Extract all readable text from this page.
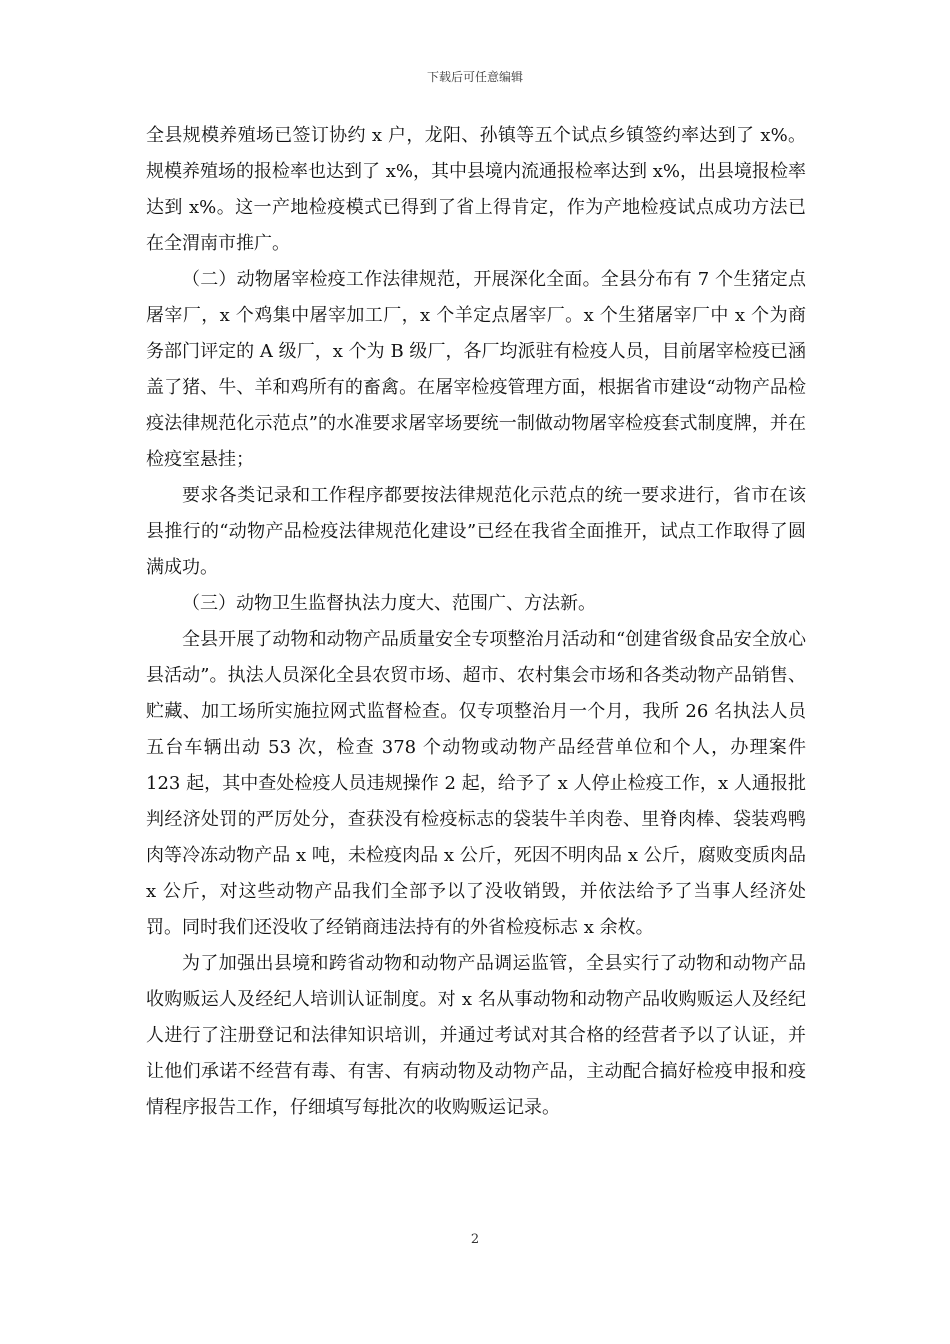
下载后可任意编辑

全县规模养殖场已签订协约 x 户，龙阳、孙镇等五个试点乡镇签约率达到了 x%。规模养殖场的报检率也达到了 x%，其中县境内流通报检率达到 x%，出县境报检率达到 x%。这一产地检疫模式已得到了省上得肯定，作为产地检疫试点成功方法已在全渭南市推广。

（二）动物屠宰检疫工作法律规范，开展深化全面。全县分布有 7 个生猪定点屠宰厂，x 个鸡集中屠宰加工厂，x 个羊定点屠宰厂。x 个生猪屠宰厂中 x 个为商务部门评定的 A 级厂，x 个为 B 级厂，各厂均派驻有检疫人员，目前屠宰检疫已涵盖了猪、牛、羊和鸡所有的畜禽。在屠宰检疫管理方面，根据省市建设“动物产品检疫法律规范化示范点”的水准要求屠宰场要统一制做动物屠宰检疫套式制度牌，并在检疫室悬挂；

要求各类记录和工作程序都要按法律规范化示范点的统一要求进行，省市在该县推行的“动物产品检疫法律规范化建设”已经在我省全面推开，试点工作取得了圆满成功。

（三）动物卫生监督执法力度大、范围广、方法新。

全县开展了动物和动物产品质量安全专项整治月活动和“创建省级食品安全放心县活动”。执法人员深化全县农贸市场、超市、农村集会市场和各类动物产品销售、贮藏、加工场所实施拉网式监督检查。仅专项整治月一个月，我所 26 名执法人员五台车辆出动 53 次，检查 378 个动物或动物产品经营单位和个人，办理案件 123 起，其中查处检疫人员违规操作 2 起，给予了 x 人停止检疫工作，x 人通报批判经济处罚的严厉处分，查获没有检疫标志的袋装牛羊肉卷、里脊肉棒、袋装鸡鸭肉等冷冻动物产品 x 吨，未检疫肉品 x 公斤，死因不明肉品 x 公斤，腐败变质肉品 x 公斤，对这些动物产品我们全部予以了没收销毁，并依法给予了当事人经济处罚。同时我们还没收了经销商违法持有的外省检疫标志 x 余枚。

为了加强出县境和跨省动物和动物产品调运监管，全县实行了动物和动物产品收购贩运人及经纪人培训认证制度。对 x 名从事动物和动物产品收购贩运人及经纪人进行了注册登记和法律知识培训，并通过考试对其合格的经营者予以了认证，并让他们承诺不经营有毒、有害、有病动物及动物产品，主动配合搞好检疫申报和疫情程序报告工作，仔细填写每批次的收购贩运记录。

2
